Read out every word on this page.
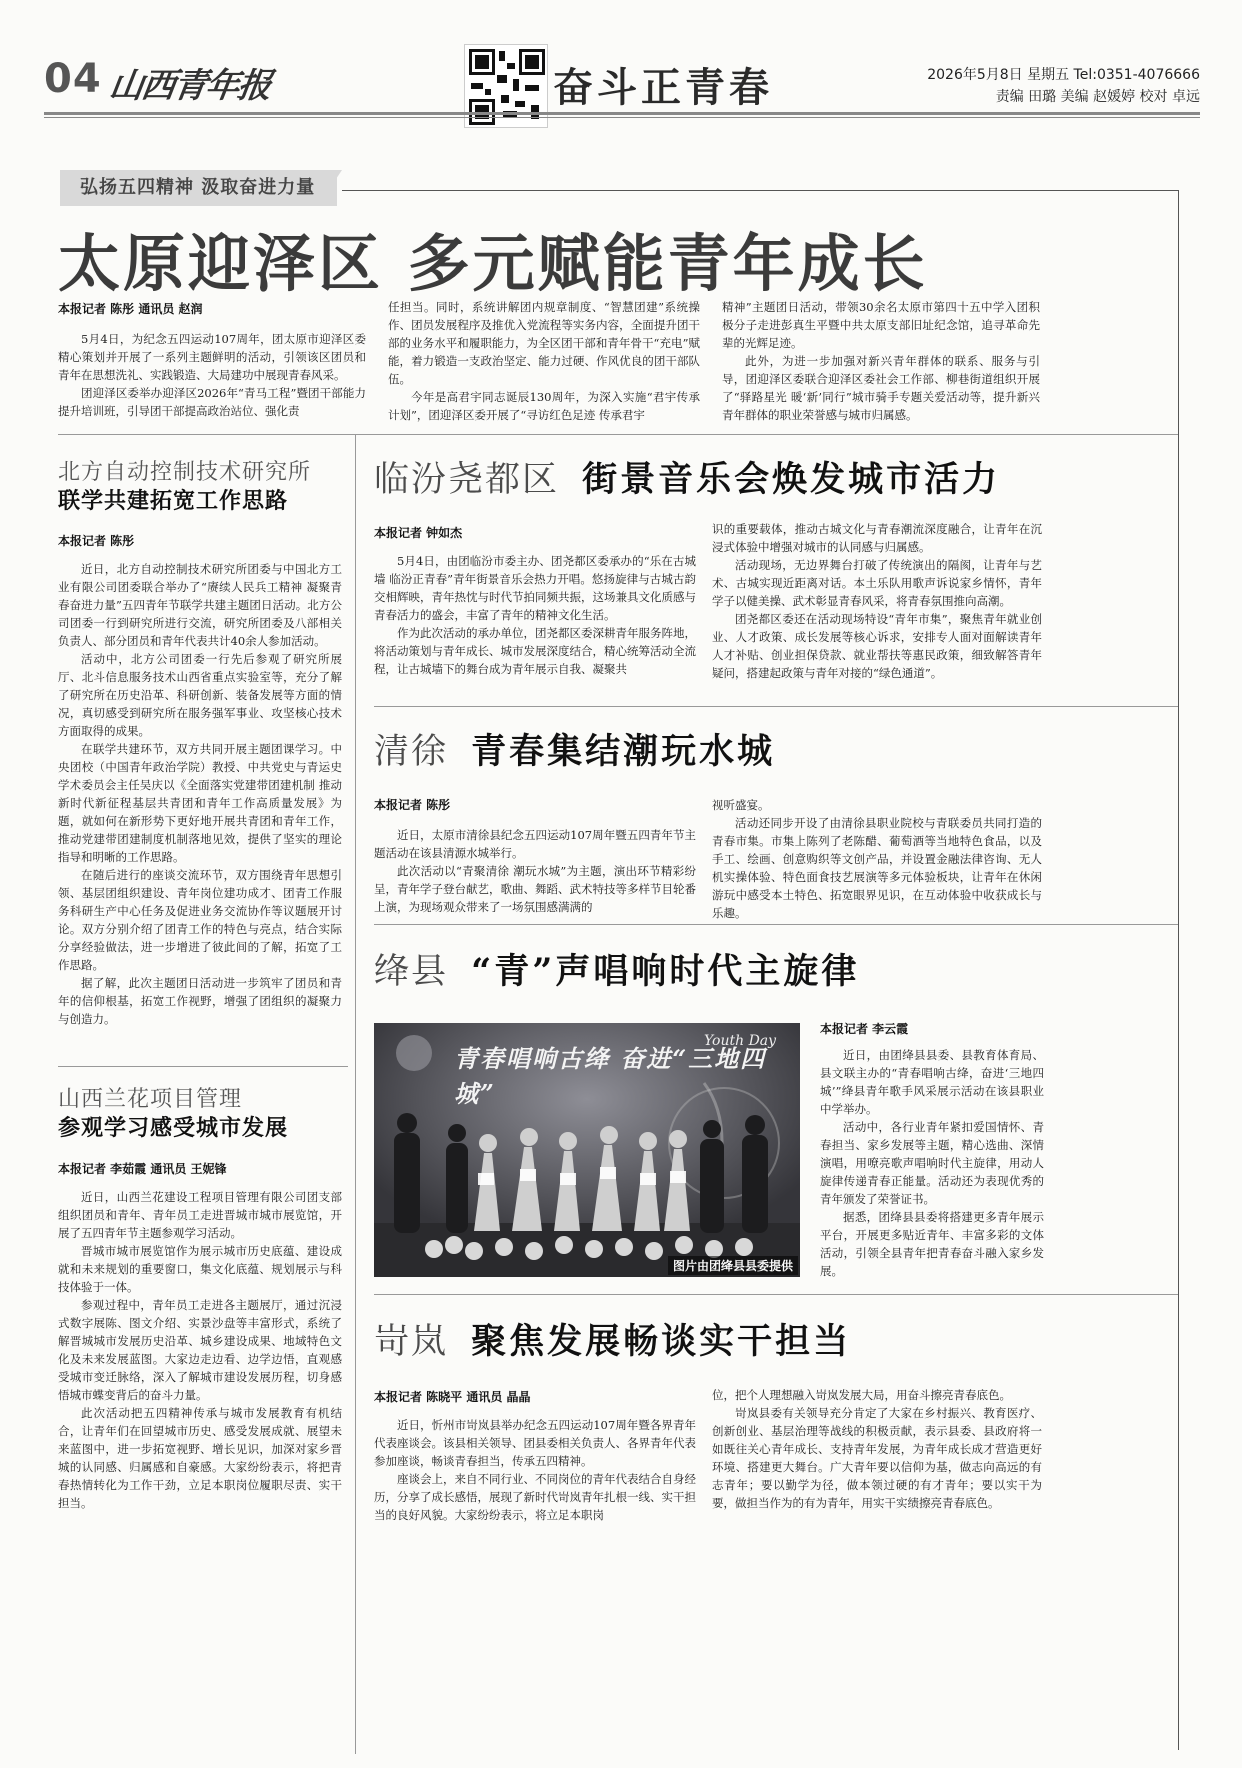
04 山西青年报	奋斗正青春	2026年5月8日 星期五 Tel:0351-4076666
责编 田璐 美编 赵媛婷 校对 卓远
弘扬五四精神 汲取奋进力量
太原迎泽区 多元赋能青年成长
本报记者 陈彤 通讯员 赵润

5月4日，为纪念五四运动107周年，团太原市迎泽区委精心策划并开展了一系列主题鲜明的活动，引领该区团员和青年在思想洗礼、实践锻造、大局建功中展现青春风采。

团迎泽区委举办迎泽区2026年“青马工程”暨团干部能力提升培训班，引导团干部提高政治站位、强化责

任担当。同时，系统讲解团内规章制度、“智慧团建”系统操作、团员发展程序及推优入党流程等实务内容，全面提升团干部的业务水平和履职能力，为全区团干部和青年骨干“充电”赋能，着力锻造一支政治坚定、能力过硬、作风优良的团干部队伍。

今年是高君宇同志诞辰130周年，为深入实施“君宇传承计划”，团迎泽区委开展了“寻访红色足迹 传承君宇

精神”主题团日活动，带领30余名太原市第四十五中学入团积极分子走进彭真生平暨中共太原支部旧址纪念馆，追寻革命先辈的光辉足迹。

此外，为进一步加强对新兴青年群体的联系、服务与引导，团迎泽区委联合迎泽区委社会工作部、柳巷街道组织开展了“驿路星光 暖‘新’同行”城市骑手专题关爱活动等，提升新兴青年群体的职业荣誉感与城市归属感。

北方自动控制技术研究所
联学共建拓宽工作思路
本报记者 陈彤

近日，北方自动控制技术研究所团委与中国北方工业有限公司团委联合举办了“赓续人民兵工精神 凝聚青春奋进力量”五四青年节联学共建主题团日活动。北方公司团委一行到研究所进行交流，研究所团委及八部相关负责人、部分团员和青年代表共计40余人参加活动。

活动中，北方公司团委一行先后参观了研究所展厅、北斗信息服务技术山西省重点实验室等，充分了解了研究所在历史沿革、科研创新、装备发展等方面的情况，真切感受到研究所在服务强军事业、攻坚核心技术方面取得的成果。

在联学共建环节，双方共同开展主题团课学习。中央团校（中国青年政治学院）教授、中共党史与青运史学术委员会主任吴庆以《全面落实党建带团建机制 推动新时代新征程基层共青团和青年工作高质量发展》为题，就如何在新形势下更好地开展共青团和青年工作，推动党建带团建制度机制落地见效，提供了坚实的理论指导和明晰的工作思路。

在随后进行的座谈交流环节，双方围绕青年思想引领、基层团组织建设、青年岗位建功成才、团青工作服务科研生产中心任务及促进业务交流协作等议题展开讨论。双方分别介绍了团青工作的特色与亮点，结合实际分享经验做法，进一步增进了彼此间的了解，拓宽了工作思路。

据了解，此次主题团日活动进一步筑牢了团员和青年的信仰根基，拓宽工作视野，增强了团组织的凝聚力与创造力。

山西兰花项目管理
参观学习感受城市发展
本报记者 李茹霞 通讯员 王妮锋

近日，山西兰花建设工程项目管理有限公司团支部组织团员和青年、青年员工走进晋城市城市展览馆，开展了五四青年节主题参观学习活动。

晋城市城市展览馆作为展示城市历史底蕴、建设成就和未来规划的重要窗口，集文化底蕴、规划展示与科技体验于一体。

参观过程中，青年员工走进各主题展厅，通过沉浸式数字展陈、图文介绍、实景沙盘等丰富形式，系统了解晋城城市发展历史沿革、城乡建设成果、地域特色文化及未来发展蓝图。大家边走边看、边学边悟，直观感受城市变迁脉络，深入了解城市建设发展历程，切身感悟城市蝶变背后的奋斗力量。

此次活动把五四精神传承与城市发展教育有机结合，让青年们在回望城市历史、感受发展成就、展望未来蓝图中，进一步拓宽视野、增长见识，加深对家乡晋城的认同感、归属感和自豪感。大家纷纷表示，将把青春热情转化为工作干劲，立足本职岗位履职尽责、实干担当。

临汾尧都区 街景音乐会焕发城市活力
本报记者 钟如杰

5月4日，由团临汾市委主办、团尧都区委承办的“乐在古城墙 临汾正青春”青年街景音乐会热力开唱。悠扬旋律与古城古韵交相辉映，青年热忱与时代节拍同频共振，这场兼具文化质感与青春活力的盛会，丰富了青年的精神文化生活。

作为此次活动的承办单位，团尧都区委深耕青年服务阵地，将活动策划与青年成长、城市发展深度结合，精心统筹活动全流程，让古城墙下的舞台成为青年展示自我、凝聚共

识的重要载体，推动古城文化与青春潮流深度融合，让青年在沉浸式体验中增强对城市的认同感与归属感。

活动现场，无边界舞台打破了传统演出的隔阂，让青年与艺术、古城实现近距离对话。本土乐队用歌声诉说家乡情怀，青年学子以健美操、武术彰显青春风采，将青春氛围推向高潮。

团尧都区委还在活动现场特设“青年市集”，聚焦青年就业创业、人才政策、成长发展等核心诉求，安排专人面对面解读青年人才补贴、创业担保贷款、就业帮扶等惠民政策，细致解答青年疑问，搭建起政策与青年对接的“绿色通道”。

清徐 青春集结潮玩水城
本报记者 陈彤

近日，太原市清徐县纪念五四运动107周年暨五四青年节主题活动在该县清源水城举行。

此次活动以“青聚清徐 潮玩水城”为主题，演出环节精彩纷呈，青年学子登台献艺，歌曲、舞蹈、武术特技等多样节目轮番上演，为现场观众带来了一场氛围感满满的

视听盛宴。

活动还同步开设了由清徐县职业院校与青联委员共同打造的青春市集。市集上陈列了老陈醋、葡萄酒等当地特色食品，以及手工、绘画、创意购织等文创产品，并设置金融法律咨询、无人机实操体验、特色面食技艺展演等多元体验板块，让青年在休闲游玩中感受本土特色、拓宽眼界见识，在互动体验中收获成长与乐趣。

绛县 “青”声唱响时代主旋律
青春唱响古绛 奋进“三地四城”
Youth Day
图片由团绛县县委提供
本报记者 李云霞

近日，由团绛县县委、县教育体育局、县文联主办的“青春唱响古绛，奋进‘三地四城’”绛县青年歌手风采展示活动在该县职业中学举办。

活动中，各行业青年紧扣爱国情怀、青春担当、家乡发展等主题，精心选曲、深情演唱，用嘹亮歌声唱响时代主旋律，用动人旋律传递青春正能量。活动还为表现优秀的青年颁发了荣誉证书。

据悉，团绛县县委将搭建更多青年展示平台，开展更多贴近青年、丰富多彩的文体活动，引领全县青年把青春奋斗融入家乡发展。

岢岚 聚焦发展畅谈实干担当
本报记者 陈晓平 通讯员 晶晶

近日，忻州市岢岚县举办纪念五四运动107周年暨各界青年代表座谈会。该县相关领导、团县委相关负责人、各界青年代表参加座谈，畅谈青春担当，传承五四精神。

座谈会上，来自不同行业、不同岗位的青年代表结合自身经历，分享了成长感悟，展现了新时代岢岚青年扎根一线、实干担当的良好风貌。大家纷纷表示，将立足本职岗

位，把个人理想融入岢岚发展大局，用奋斗擦亮青春底色。

岢岚县委有关领导充分肯定了大家在乡村振兴、教育医疗、创新创业、基层治理等战线的积极贡献，表示县委、县政府将一如既往关心青年成长、支持青年发展，为青年成长成才营造更好环境、搭建更大舞台。广大青年要以信仰为基，做志向高远的有志青年；要以勤学为径，做本领过硬的有才青年；要以实干为要，做担当作为的有为青年，用实干实绩擦亮青春底色。
